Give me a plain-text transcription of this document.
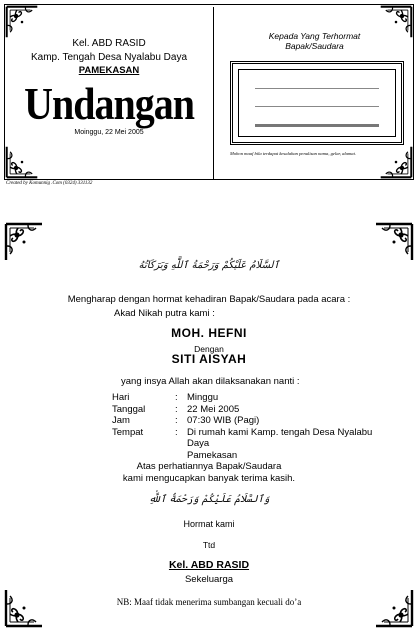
Kel. ABD RASID
Kamp. Tengah Desa Nyalabu Daya
PAMEKASAN
Undangan
Moinggu, 22 Mei 2005
Kepada Yang Terhormat
Bapak/Saudara
Mohon maaf bila terdapat kesalahan penulisan nama, gelar, alamat.
Created by Komunnig .Com (0324) 331132
ٱلسَّلَامُ عَلَيْكُمْ وَرَحْمَةُ ٱللَّٰهِ وَبَرَكَاتُهُ
Mengharap dengan hormat kehadiran Bapak/Saudara pada acara :
Akad Nikah putra kami :
MOH. HEFNI
Dengan
SITI AISYAH
yang insya Allah akan dilaksanakan nanti :
Hari	: Minggu
Tanggal	: 22 Mei 2005
Jam	: 07:30 WIB (Pagi)
Tempat	: Di rumah kami Kamp. tengah Desa Nyalabu Daya
Pamekasan
Atas perhatiannya Bapak/Saudara
kami mengucapkan banyak terima kasih.
وَٱلسَّلَامُ عَلَيْكُمْ وَرَحْمَةُ ٱللَّٰهِ
Hormat kami
Ttd
Kel. ABD RASID
Sekeluarga
NB: Maaf tidak menerima sumbangan kecuali do’a
